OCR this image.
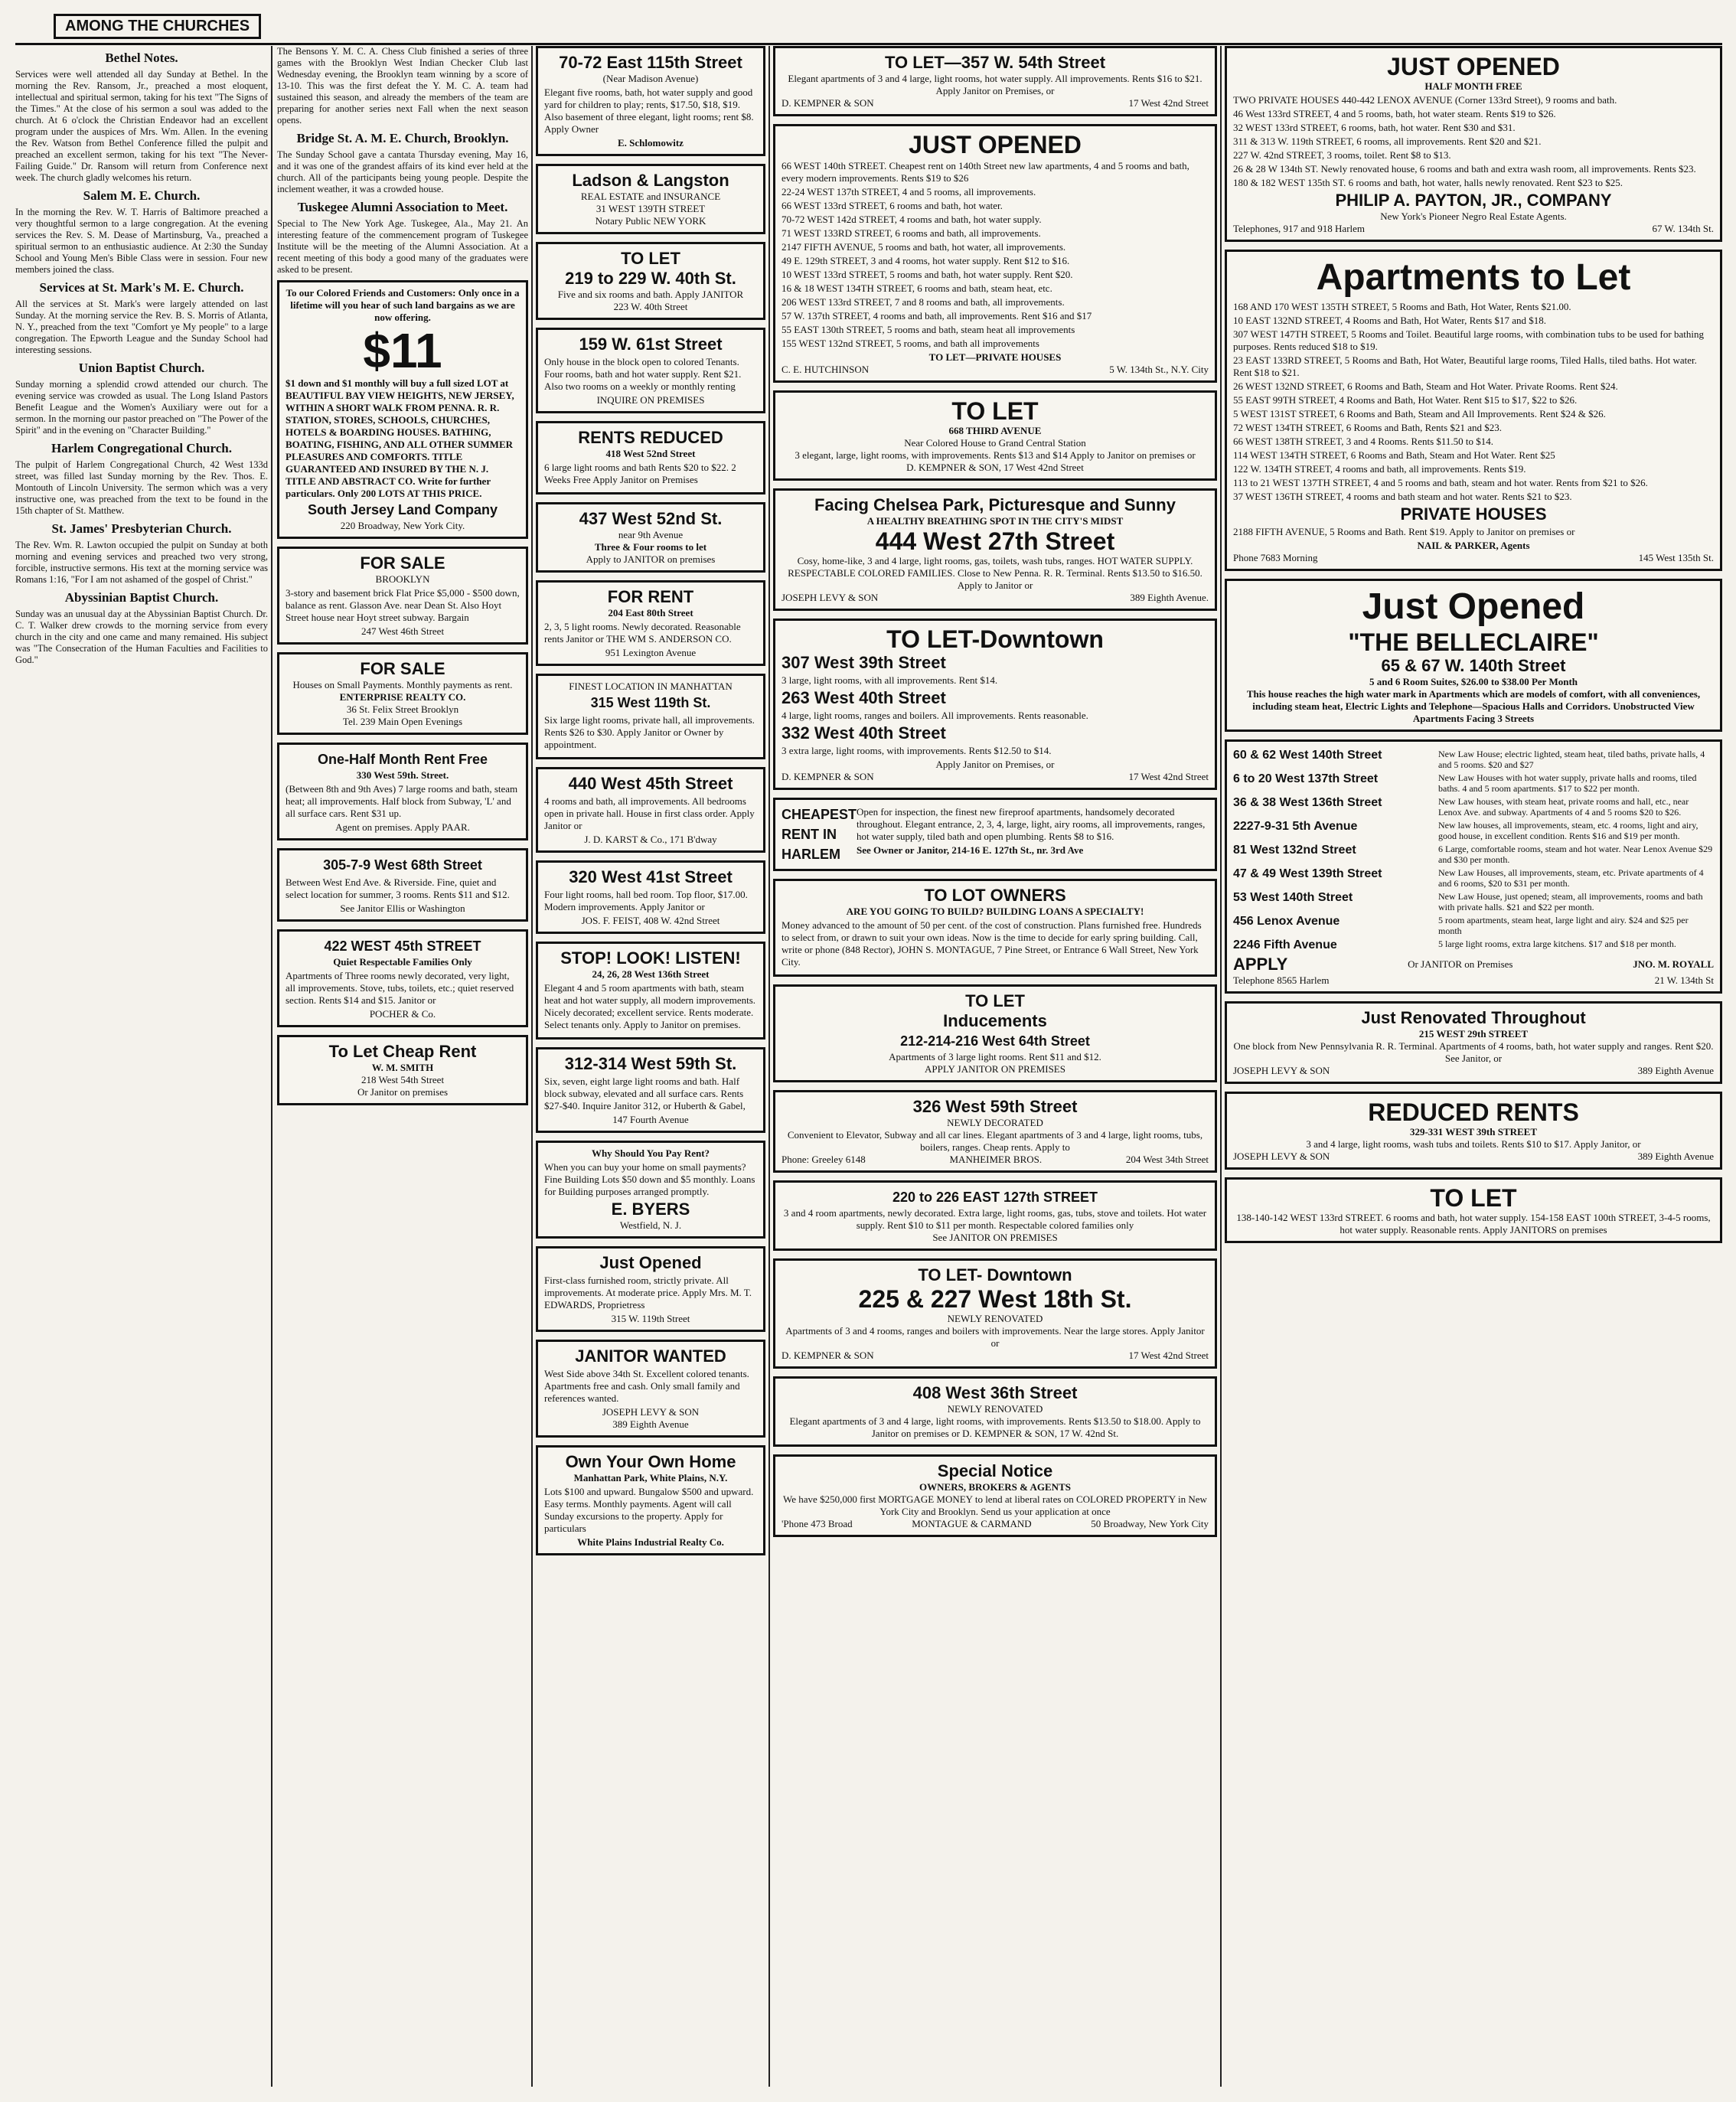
AMONG THE CHURCHES
Bethel Notes.

Services were well attended all day Sunday at Bethel. In the morning the Rev. Ransom, Jr., preached a most eloquent, intellectual and spiritual sermon, taking for his text "The Signs of the Times." At the close of his sermon a soul was added to the church. At 6 o'clock the Christian Endeavor had an excellent program under the auspices of Mrs. Wm. Allen. In the evening the Rev. Watson from Bethel Conference filled the pulpit and preached an excellent sermon, taking for his text "The Never-Failing Guide." Dr. Ransom will return from Conference next week. The church gladly welcomes his return.

Salem M. E. Church.

In the morning the Rev. W. T. Harris of Baltimore preached a very thoughtful sermon to a large congregation. At the evening services the Rev. S. M. Dease of Martinsburg, Va., preached a spiritual sermon to an enthusiastic audience. At 2:30 the Sunday School and Young Men's Bible Class were in session. Four new members joined the class.

Services at St. Mark's M. E. Church.

All the services at St. Mark's were largely attended on last Sunday. At the morning service the Rev. B. S. Morris of Atlanta, N. Y., preached from the text "Comfort ye My people" to a large congregation. The Epworth League and the Sunday School had interesting sessions.

Union Baptist Church.

Sunday morning a splendid crowd attended our church. The evening service was crowded as usual. The Long Island Pastors Benefit League and the Women's Auxiliary were out for a sermon. In the morning our pastor preached on "The Power of the Spirit" and in the evening on "Character Building."

Harlem Congregational Church.

The pulpit of Harlem Congregational Church, 42 West 133d street, was filled last Sunday morning by the Rev. Thos. E. Montouth of Lincoln University. The sermon which was a very instructive one, was preached from the text to be found in the 15th chapter of St. Matthew.

St. James' Presbyterian Church.

The Rev. Wm. R. Lawton occupied the pulpit on Sunday at both morning and evening services and preached two very strong, forcible, instructive sermons. His text at the morning service was Romans 1:16, "For I am not ashamed of the gospel of Christ."

Abyssinian Baptist Church.

Sunday was an unusual day at the Abyssinian Baptist Church. Dr. C. T. Walker drew crowds to the morning service from every church in the city and one came and many remained. His subject was "The Consecration of the Human Faculties and Facilities to God."

The Bensons Y. M. C. A. Chess Club finished a series of three games with the Brooklyn West Indian Checker Club last Wednesday evening, the Brooklyn team winning by a score of 13-10. This was the first defeat the Y. M. C. A. team had sustained this season, and already the members of the team are preparing for another series next Fall when the next season opens.

Bridge St. A. M. E. Church, Brooklyn.

The Sunday School gave a cantata Thursday evening, May 16, and it was one of the grandest affairs of its kind ever held at the church. All of the participants being young people. Despite the inclement weather, it was a crowded house.

Tuskegee Alumni Association to Meet.

Special to The New York Age. Tuskegee, Ala., May 21. An interesting feature of the commencement program of Tuskegee Institute will be the meeting of the Alumni Association. At a recent meeting of this body a good many of the graduates were asked to be present.

To our Colored Friends and Customers: Only once in a lifetime will you hear of such land bargains as we are now offering.
$11
$1 down and $1 monthly will buy a full sized LOT at BEAUTIFUL BAY VIEW HEIGHTS, NEW JERSEY, WITHIN A SHORT WALK FROM PENNA. R. R. STATION, STORES, SCHOOLS, CHURCHES, HOTELS & BOARDING HOUSES. BATHING, BOATING, FISHING, AND ALL OTHER SUMMER PLEASURES AND COMFORTS. TITLE GUARANTEED AND INSURED BY THE N. J. TITLE AND ABSTRACT CO. Write for further particulars. Only 200 LOTS AT THIS PRICE.
South Jersey Land Company
220 Broadway, New York City.
FOR SALE
BROOKLYN
3-story and basement brick Flat Price $5,000 - $500 down, balance as rent. Glasson Ave. near Dean St. Also Hoyt Street house near Hoyt street subway. Bargain
247 West 46th Street
FOR SALE
Houses on Small Payments. Monthly payments as rent.
ENTERPRISE REALTY CO.
36 St. Felix Street Brooklyn
Tel. 239 Main Open Evenings
One-Half Month Rent Free
330 West 59th. Street.
(Between 8th and 9th Aves) 7 large rooms and bath, steam heat; all improvements. Half block from Subway, 'L' and all surface cars. Rent $31 up.
Agent on premises. Apply PAAR.
305-7-9 West 68th Street
Between West End Ave. & Riverside. Fine, quiet and select location for summer, 3 rooms. Rents $11 and $12.
See Janitor Ellis or Washington
422 WEST 45th STREET
Quiet Respectable Families Only
Apartments of Three rooms newly decorated, very light, all improvements. Stove, tubs, toilets, etc.; quiet reserved section. Rents $14 and $15. Janitor or
POCHER & Co.
To Let Cheap Rent
W. M. SMITH
218 West 54th Street
Or Janitor on premises
70-72 East 115th Street
(Near Madison Avenue)
Elegant five rooms, bath, hot water supply and good yard for children to play; rents, $17.50, $18, $19. Also basement of three elegant, light rooms; rent $8. Apply Owner
E. Schlomowitz
Ladson & Langston
REAL ESTATE and INSURANCE
31 WEST 139TH STREET
Notary Public NEW YORK
TO LET
219 to 229 W. 40th St.
Five and six rooms and bath. Apply JANITOR
223 W. 40th Street
159 W. 61st Street
Only house in the block open to colored Tenants. Four rooms, bath and hot water supply. Rent $21. Also two rooms on a weekly or monthly renting
INQUIRE ON PREMISES
RENTS REDUCED
418 West 52nd Street
6 large light rooms and bath Rents $20 to $22. 2 Weeks Free Apply Janitor on Premises
437 West 52nd St.
near 9th Avenue
Three & Four rooms to let
Apply to JANITOR on premises
FOR RENT
204 East 80th Street
2, 3, 5 light rooms. Newly decorated. Reasonable rents Janitor or THE WM S. ANDERSON CO.
951 Lexington Avenue
FINEST LOCATION IN MANHATTAN
315 West 119th St.
Six large light rooms, private hall, all improvements. Rents $26 to $30. Apply Janitor or Owner by appointment.
440 West 45th Street
4 rooms and bath, all improvements. All bedrooms open in private hall. House in first class order. Apply Janitor or
J. D. KARST & Co., 171 B'dway
320 West 41st Street
Four light rooms, hall bed room. Top floor, $17.00. Modern improvements. Apply Janitor or
JOS. F. FEIST, 408 W. 42nd Street
STOP! LOOK! LISTEN!
24, 26, 28 West 136th Street
Elegant 4 and 5 room apartments with bath, steam heat and hot water supply, all modern improvements. Nicely decorated; excellent service. Rents moderate. Select tenants only. Apply to Janitor on premises.
312-314 West 59th St.
Six, seven, eight large light rooms and bath. Half block subway, elevated and all surface cars. Rents $27-$40. Inquire Janitor 312, or Huberth & Gabel,
147 Fourth Avenue
Why Should You Pay Rent?
When you can buy your home on small payments? Fine Building Lots $50 down and $5 monthly. Loans for Building purposes arranged promptly.
E. BYERS
Westfield, N. J.
Just Opened
First-class furnished room, strictly private. All improvements. At moderate price. Apply Mrs. M. T. EDWARDS, Proprietress
315 W. 119th Street
JANITOR WANTED
West Side above 34th St. Excellent colored tenants. Apartments free and cash. Only small family and references wanted.
JOSEPH LEVY & SON
389 Eighth Avenue
Own Your Own Home
Manhattan Park, White Plains, N.Y.
Lots $100 and upward. Bungalow $500 and upward. Easy terms. Monthly payments. Agent will call Sunday excursions to the property. Apply for particulars
White Plains Industrial Realty Co.
TO LET—357 W. 54th Street
Elegant apartments of 3 and 4 large, light rooms, hot water supply. All improvements. Rents $16 to $21. Apply Janitor on Premises, or
D. KEMPNER & SON	17 West 42nd Street
JUST OPENED
66 WEST 140th STREET. Cheapest rent on 140th Street new law apartments, 4 and 5 rooms and bath, every modern improvements. Rents $19 to $26
22-24 WEST 137th STREET, 4 and 5 rooms, all improvements.
66 WEST 133rd STREET, 6 rooms and bath, hot water.
70-72 WEST 142d STREET, 4 rooms and bath, hot water supply.
71 WEST 133RD STREET, 6 rooms and bath, all improvements.
2147 FIFTH AVENUE, 5 rooms and bath, hot water, all improvements.
49 E. 129th STREET, 3 and 4 rooms, hot water supply. Rent $12 to $16.
10 WEST 133rd STREET, 5 rooms and bath, hot water supply. Rent $20.
16 & 18 WEST 134TH STREET, 6 rooms and bath, steam heat, etc.
206 WEST 133rd STREET, 7 and 8 rooms and bath, all improvements.
57 W. 137th STREET, 4 rooms and bath, all improvements. Rent $16 and $17
55 EAST 130th STREET, 5 rooms and bath, steam heat all improvements
155 WEST 132nd STREET, 5 rooms, and bath all improvements
TO LET—PRIVATE HOUSES
C. E. HUTCHINSON	5 W. 134th St., N.Y. City
TO LET
668 THIRD AVENUE
Near Colored House to Grand Central Station
3 elegant, large, light rooms, with improvements. Rents $13 and $14 Apply to Janitor on premises or
D. KEMPNER & SON, 17 West 42nd Street
Facing Chelsea Park, Picturesque and Sunny
A HEALTHY BREATHING SPOT IN THE CITY'S MIDST
444 West 27th Street
Cosy, home-like, 3 and 4 large, light rooms, gas, toilets, wash tubs, ranges. HOT WATER SUPPLY. RESPECTABLE COLORED FAMILIES. Close to New Penna. R. R. Terminal. Rents $13.50 to $16.50. Apply to Janitor or
JOSEPH LEVY & SON	389 Eighth Avenue.
TO LET-Downtown
307 West 39th Street
3 large, light rooms, with all improvements. Rent $14.
263 West 40th Street
4 large, light rooms, ranges and boilers. All improvements. Rents reasonable.
332 West 40th Street
3 extra large, light rooms, with improvements. Rents $12.50 to $14.
Apply Janitor on Premises, or
D. KEMPNER & SON	17 West 42nd Street
CHEAPEST RENT IN HARLEM
Open for inspection, the finest new fireproof apartments, handsomely decorated throughout. Elegant entrance, 2, 3, 4, large, light, airy rooms, all improvements, ranges, hot water supply, tiled bath and open plumbing. Rents $8 to $16.
See Owner or Janitor, 214-16 E. 127th St., nr. 3rd Ave
TO LOT OWNERS
ARE YOU GOING TO BUILD? BUILDING LOANS A SPECIALTY!
Money advanced to the amount of 50 per cent. of the cost of construction. Plans furnished free. Hundreds to select from, or drawn to suit your own ideas. Now is the time to decide for early spring building. Call, write or phone (848 Rector), JOHN S. MONTAGUE, 7 Pine Street, or Entrance 6 Wall Street, New York City.
TO LET
Inducements
212-214-216 West 64th Street
Apartments of 3 large light rooms. Rent $11 and $12.
APPLY JANITOR ON PREMISES
326 West 59th Street
NEWLY DECORATED
Convenient to Elevator, Subway and all car lines. Elegant apartments of 3 and 4 large, light rooms, tubs, boilers, ranges. Cheap rents. Apply to
Phone: Greeley 6148	MANHEIMER BROS.	204 West 34th Street
220 to 226 EAST 127th STREET
3 and 4 room apartments, newly decorated. Extra large, light rooms, gas, tubs, stove and toilets. Hot water supply. Rent $10 to $11 per month. Respectable colored families only
See JANITOR ON PREMISES
TO LET- Downtown
225 & 227 West 18th St.
NEWLY RENOVATED
Apartments of 3 and 4 rooms, ranges and boilers with improvements. Near the large stores. Apply Janitor or
D. KEMPNER & SON	17 West 42nd Street
408 West 36th Street
NEWLY RENOVATED
Elegant apartments of 3 and 4 large, light rooms, with improvements. Rents $13.50 to $18.00. Apply to Janitor on premises or D. KEMPNER & SON, 17 W. 42nd St.
Special Notice
OWNERS, BROKERS & AGENTS
We have $250,000 first MORTGAGE MONEY to lend at liberal rates on COLORED PROPERTY in New York City and Brooklyn. Send us your application at once
'Phone 473 Broad	MONTAGUE & CARMAND	50 Broadway, New York City
JUST OPENED
HALF MONTH FREE
TWO PRIVATE HOUSES 440-442 LENOX AVENUE (Corner 133rd Street), 9 rooms and bath.
46 West 133rd STREET, 4 and 5 rooms, bath, hot water steam. Rents $19 to $26.
32 WEST 133rd STREET, 6 rooms, bath, hot water. Rent $30 and $31.
311 & 313 W. 119th STREET, 6 rooms, all improvements. Rent $20 and $21.
227 W. 42nd STREET, 3 rooms, toilet. Rent $8 to $13.
26 & 28 W 134th ST. Newly renovated house, 6 rooms and bath and extra wash room, all improvements. Rents $23.
180 & 182 WEST 135th ST. 6 rooms and bath, hot water, halls newly renovated. Rent $23 to $25.
PHILIP A. PAYTON, JR., COMPANY
New York's Pioneer Negro Real Estate Agents.
Telephones, 917 and 918 Harlem	67 W. 134th St.
Apartments to Let
168 AND 170 WEST 135TH STREET, 5 Rooms and Bath, Hot Water, Rents $21.00.
10 EAST 132ND STREET, 4 Rooms and Bath, Hot Water, Rents $17 and $18.
307 WEST 147TH STREET, 5 Rooms and Toilet. Beautiful large rooms, with combination tubs to be used for bathing purposes. Rents reduced $18 to $19.
23 EAST 133RD STREET, 5 Rooms and Bath, Hot Water, Beautiful large rooms, Tiled Halls, tiled baths. Hot water. Rent $18 to $21.
26 WEST 132ND STREET, 6 Rooms and Bath, Steam and Hot Water. Private Rooms. Rent $24.
55 EAST 99TH STREET, 4 Rooms and Bath, Hot Water. Rent $15 to $17, $22 to $26.
5 WEST 131ST STREET, 6 Rooms and Bath, Steam and All Improvements. Rent $24 & $26.
72 WEST 134TH STREET, 6 Rooms and Bath, Rents $21 and $23.
66 WEST 138TH STREET, 3 and 4 Rooms. Rents $11.50 to $14.
114 WEST 134TH STREET, 6 Rooms and Bath, Steam and Hot Water. Rent $25
122 W. 134TH STREET, 4 rooms and bath, all improvements. Rents $19.
113 to 21 WEST 137TH STREET, 4 and 5 rooms and bath, steam and hot water. Rents from $21 to $26.
37 WEST 136TH STREET, 4 rooms and bath steam and hot water. Rents $21 to $23.
PRIVATE HOUSES
2188 FIFTH AVENUE, 5 Rooms and Bath. Rent $19. Apply to Janitor on premises or
NAIL & PARKER, Agents
Phone 7683 Morning	145 West 135th St.
Just Opened
"THE BELLECLAIRE"
65 & 67 W. 140th Street
5 and 6 Room Suites, $26.00 to $38.00 Per Month
This house reaches the high water mark in Apartments which are models of comfort, with all conveniences, including steam heat, Electric Lights and Telephone—Spacious Halls and Corridors. Unobstructed View Apartments Facing 3 Streets
60 & 62 West 140th Street	New Law House; electric lighted, steam heat, tiled baths, private halls, 4 and 5 rooms. $20 and $27
6 to 20 West 137th Street	New Law Houses with hot water supply, private halls and rooms, tiled baths. 4 and 5 room apartments. $17 to $22 per month.
36 & 38 West 136th Street	New Law houses, with steam heat, private rooms and hall, etc., near Lenox Ave. and subway. Apartments of 4 and 5 rooms $20 to $26.
2227-9-31 5th Avenue	New law houses, all improvements, steam, etc. 4 rooms, light and airy, good house, in excellent condition. Rents $16 and $19 per month.
81 West 132nd Street	6 Large, comfortable rooms, steam and hot water. Near Lenox Avenue $29 and $30 per month.
47 & 49 West 139th Street	New Law Houses, all improvements, steam, etc. Private apartments of 4 and 6 rooms, $20 to $31 per month.
53 West 140th Street	New Law House, just opened; steam, all improvements, rooms and bath with private halls. $21 and $22 per month.
456 Lenox Avenue	5 room apartments, steam heat, large light and airy. $24 and $25 per month
2246 Fifth Avenue	5 large light rooms, extra large kitchens. $17 and $18 per month.
APPLY	Or JANITOR on Premises	JNO. M. ROYALL
Telephone 8565 Harlem	21 W. 134th St
Just Renovated Throughout
215 WEST 29th STREET
One block from New Pennsylvania R. R. Terminal. Apartments of 4 rooms, bath, hot water supply and ranges. Rent $20. See Janitor, or
JOSEPH LEVY & SON	389 Eighth Avenue
REDUCED RENTS
329-331 WEST 39th STREET
3 and 4 large, light rooms, wash tubs and toilets. Rents $10 to $17. Apply Janitor, or
JOSEPH LEVY & SON	389 Eighth Avenue
TO LET
138-140-142 WEST 133rd STREET. 6 rooms and bath, hot water supply. 154-158 EAST 100th STREET, 3-4-5 rooms, hot water supply. Reasonable rents. Apply JANITORS on premises
